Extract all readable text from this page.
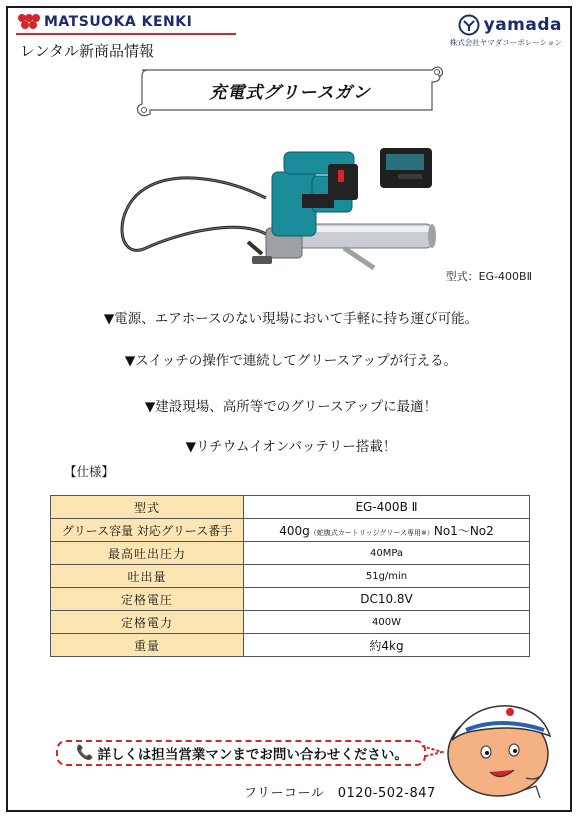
MATSUOKA KENKI
レンタル新商品情報
yamada
株式会社ヤマダコーポレーション
充電式グリースガン
型式：EG-400BⅡ
▼電源、エアホースのない現場において手軽に持ち運び可能。
▼スイッチの操作で連続してグリースアップが行える。
▼建設現場、高所等でのグリースアップに最適！
▼リチウムイオンバッテリー搭載！
【仕様】
型式	EG-400B Ⅱ
グリース容量 対応グリース番手	400g（蛇腹式カートリッジグリース専用※）No1〜No2
最高吐出圧力	40MPa
吐出量	51g/min
定格電圧	DC10.8V
定格電力	400W
重量	約4kg
📞 詳しくは担当営業マンまでお問い合わせください。
フリーコール　0120-502-847
